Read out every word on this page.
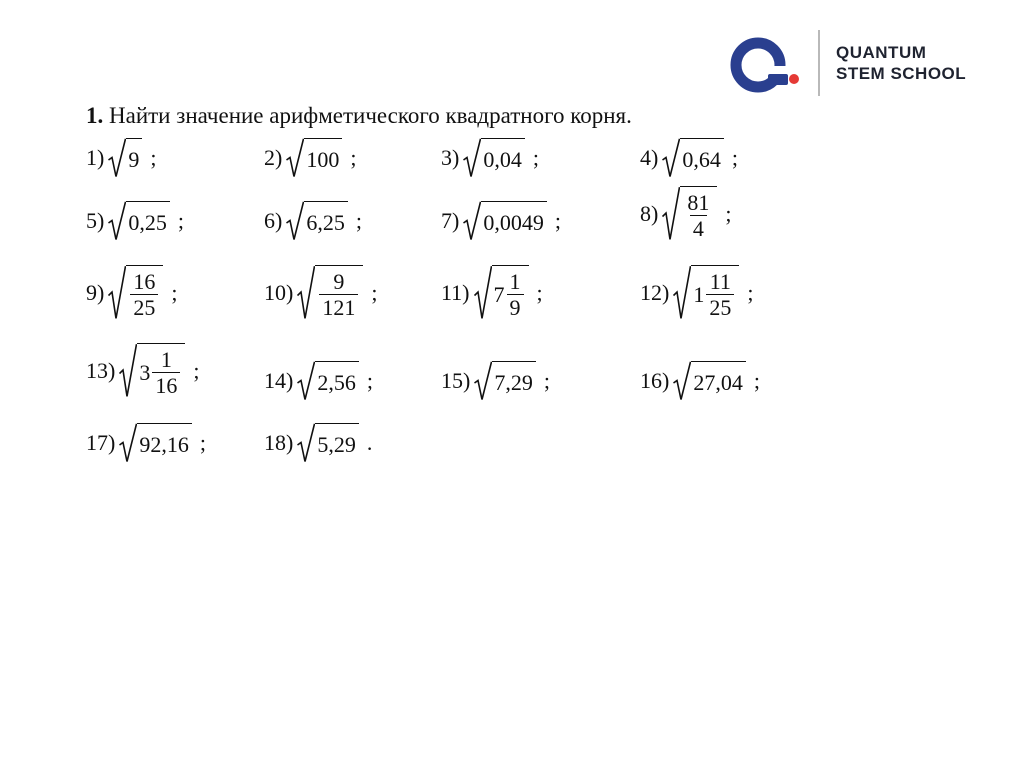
QUANTUM
STEM SCHOOL
1. Найти значение арифметического квадратного корня.
1) 9 ;	2) 100 ;	3) 0,04 ;	4) 0,64 ;
5) 0,25 ;	6) 6,25 ;	7) 0,0049 ;	$8) \frac{81}{4}$ ;
$9) \frac{16}{25}$ ;	$10) \frac{9}{121}$ ;	11) $7 \frac{1}{9}$ ;	12) $1 \frac{11}{25}$ ;
13) $3 \frac{1}{16}$ ;	14) 2,56 ;	15) 7,29 ;	16) 27,04 ;
17) 92,16 ;	18) 5,29 .
